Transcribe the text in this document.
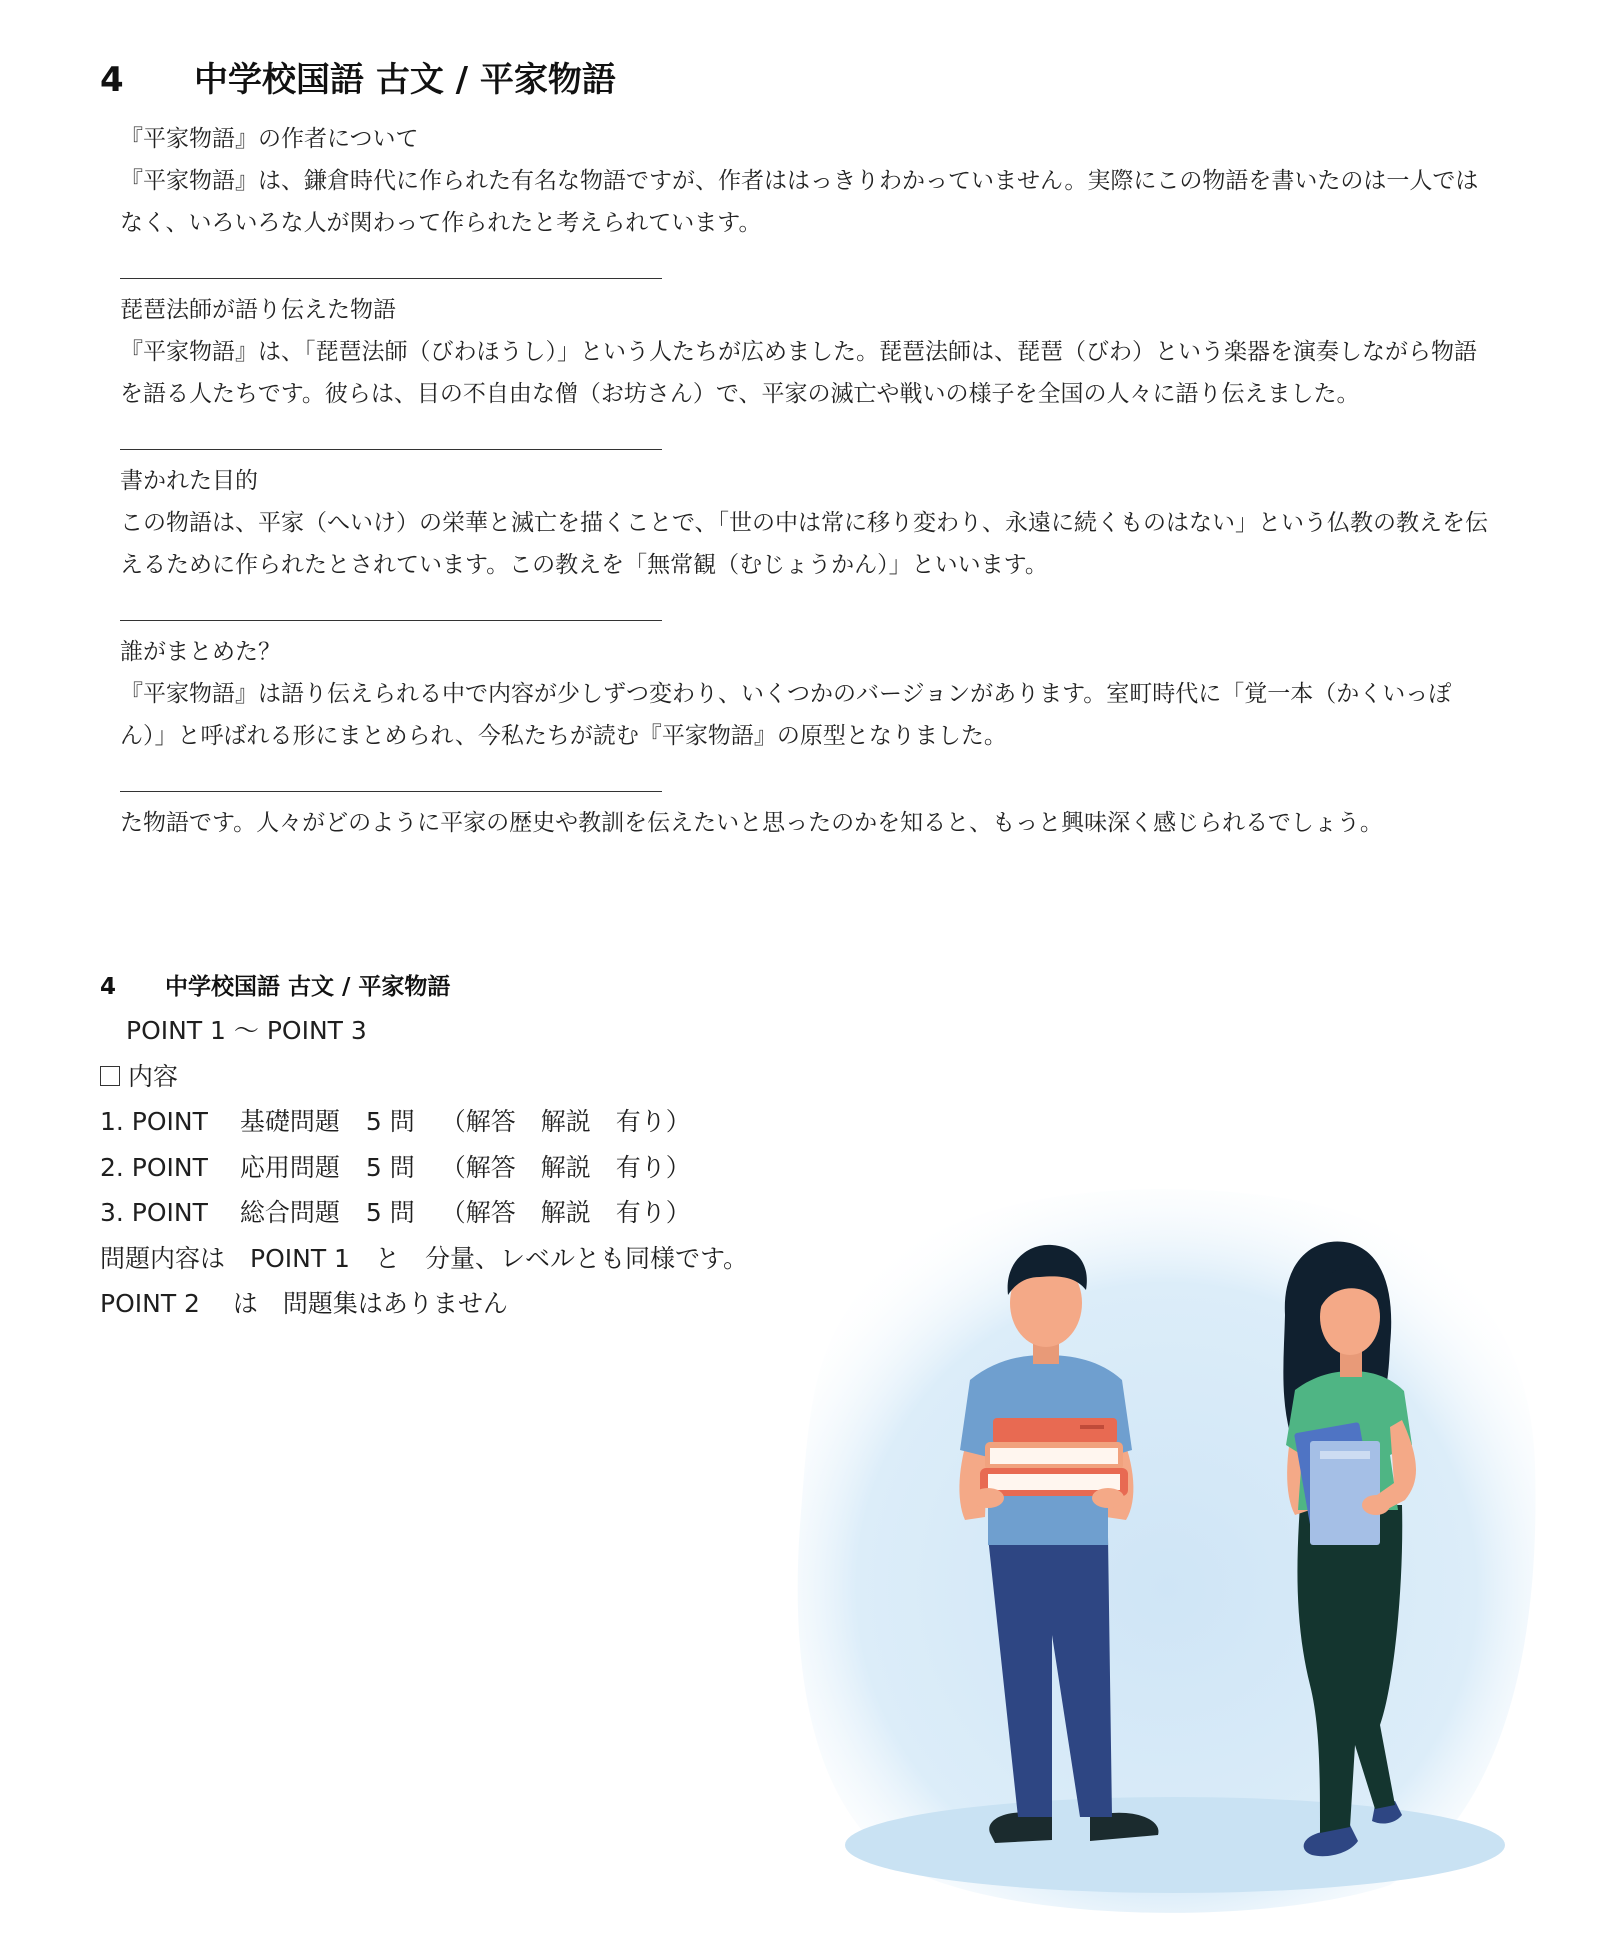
4	中学校国語 古文 / 平家物語

『平家物語』の作者について

『平家物語』は、鎌倉時代に作られた有名な物語ですが、作者ははっきりわかっていません。実際にこの物語を書いたのは一人ではなく、いろいろな人が関わって作られたと考えられています。

琵琶法師が語り伝えた物語

『平家物語』は、「琵琶法師（びわほうし）」という人たちが広めました。琵琶法師は、琵琶（びわ）という楽器を演奏しながら物語を語る人たちです。彼らは、目の不自由な僧（お坊さん）で、平家の滅亡や戦いの様子を全国の人々に語り伝えました。

書かれた目的

この物語は、平家（へいけ）の栄華と滅亡を描くことで、「世の中は常に移り変わり、永遠に続くものはない」という仏教の教えを伝えるために作られたとされています。この教えを「無常観（むじょうかん）」といいます。

誰がまとめた？

『平家物語』は語り伝えられる中で内容が少しずつ変わり、いくつかのバージョンがあります。室町時代に「覚一本（かくいっぽん）」と呼ばれる形にまとめられ、今私たちが読む『平家物語』の原型となりました。

た物語です。人々がどのように平家の歴史や教訓を伝えたいと思ったのかを知ると、もっと興味深く感じられるでしょう。

4	中学校国語 古文 / 平家物語
POINT 1 〜 POINT 3
内容
1. POINT 基礎問題 5 問 （解答　解説　有り）
2. POINT 応用問題 5 問 （解答　解説　有り）
3. POINT 総合問題 5 問 （解答　解説　有り）
問題内容は　POINT 1　と　分量、レベルとも同様です。
POINT 2　 は　問題集はありません
